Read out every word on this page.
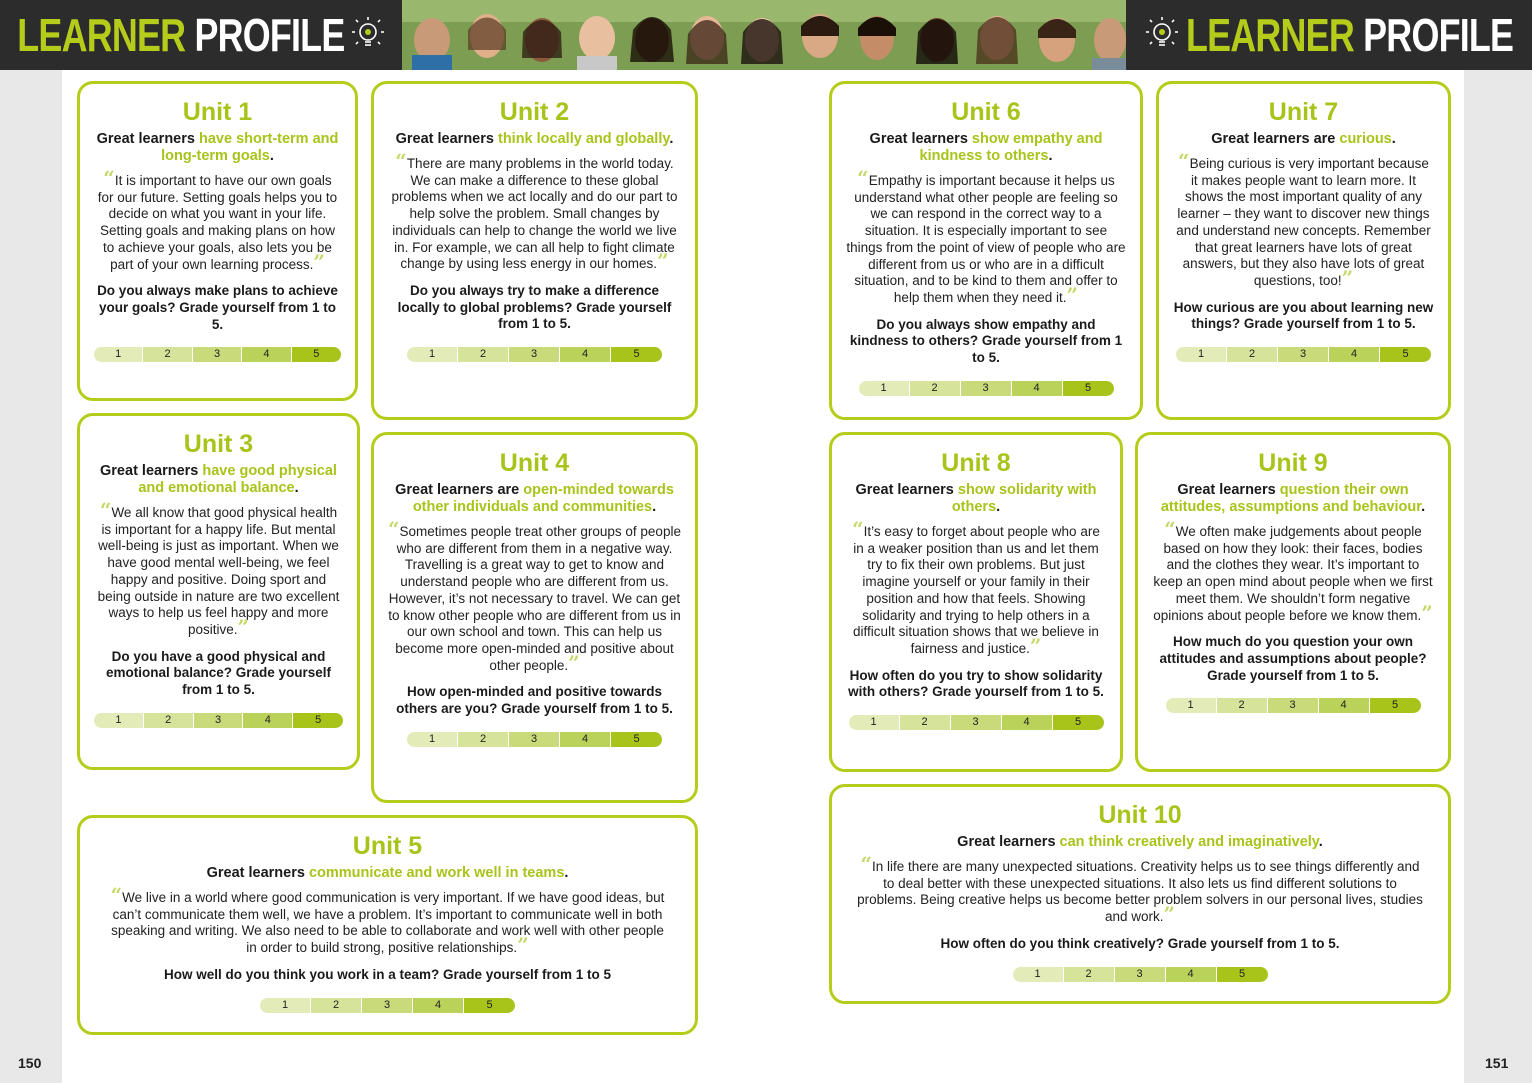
LEARNER PROFILE	LEARNER PROFILE
Unit 1
Great learners have short-term and long-term goals.
“It is important to have our own goals for our future. Setting goals helps you to decide on what you want in your life. Setting goals and making plans on how to achieve your goals, also lets you be part of your own learning process.”
Do you always make plans to achieve your goals? Grade yourself from 1 to 5.
1	2	3	4	5
Unit 2
Great learners think locally and globally.
“There are many problems in the world today. We can make a difference to these global problems when we act locally and do our part to help solve the problem. Small changes by individuals can help to change the world we live in. For example, we can all help to fight climate change by using less energy in our homes.”
Do you always try to make a difference locally to global problems? Grade yourself from 1 to 5.
1	2	3	4	5
Unit 3
Great learners have good physical and emotional balance.
“We all know that good physical health is important for a happy life. But mental well-being is just as important. When we have good mental well-being, we feel happy and positive. Doing sport and being outside in nature are two excellent ways to help us feel happy and more positive.”
Do you have a good physical and emotional balance? Grade yourself from 1 to 5.
1	2	3	4	5
Unit 4
Great learners are open-minded towards other individuals and communities.
“Sometimes people treat other groups of people who are different from them in a negative way. Travelling is a great way to get to know and understand people who are different from us. However, it’s not necessary to travel. We can get to know other people who are different from us in our own school and town. This can help us become more open-minded and positive about other people.”
How open-minded and positive towards others are you? Grade yourself from 1 to 5.
1	2	3	4	5
Unit 5
Great learners communicate and work well in teams.
“We live in a world where good communication is very important. If we have good ideas, but can’t communicate them well, we have a problem. It’s important to communicate well in both speaking and writing. We also need to be able to collaborate and work well with other people in order to build strong, positive relationships.”
How well do you think you work in a team? Grade yourself from 1 to 5
1	2	3	4	5
Unit 6
Great learners show empathy and kindness to others.
“Empathy is important because it helps us understand what other people are feeling so we can respond in the correct way to a situation. It is especially important to see things from the point of view of people who are different from us or who are in a difficult situation, and to be kind to them and offer to help them when they need it.”
Do you always show empathy and kindness to others? Grade yourself from 1 to 5.
1	2	3	4	5
Unit 7
Great learners are curious.
“Being curious is very important because it makes people want to learn more. It shows the most important quality of any learner – they want to discover new things and understand new concepts. Remember that great learners have lots of great answers, but they also have lots of great questions, too!”
How curious are you about learning new things? Grade yourself from 1 to 5.
1	2	3	4	5
Unit 8
Great learners show solidarity with others.
“It’s easy to forget about people who are in a weaker position than us and let them try to fix their own problems. But just imagine yourself or your family in their position and how that feels. Showing solidarity and trying to help others in a difficult situation shows that we believe in fairness and justice.”
How often do you try to show solidarity with others? Grade yourself from 1 to 5.
1	2	3	4	5
Unit 9
Great learners question their own attitudes, assumptions and behaviour.
“We often make judgements about people based on how they look: their faces, bodies and the clothes they wear. It’s important to keep an open mind about people when we first meet them. We shouldn’t form negative opinions about people before we know them.”
How much do you question your own attitudes and assumptions about people? Grade yourself from 1 to 5.
1	2	3	4	5
Unit 10
Great learners can think creatively and imaginatively.
“In life there are many unexpected situations. Creativity helps us to see things differently and to deal better with these unexpected situations. It also lets us find different solutions to problems. Being creative helps us become better problem solvers in our personal lives, studies and work.”
How often do you think creatively? Grade yourself from 1 to 5.
1	2	3	4	5
150	151
